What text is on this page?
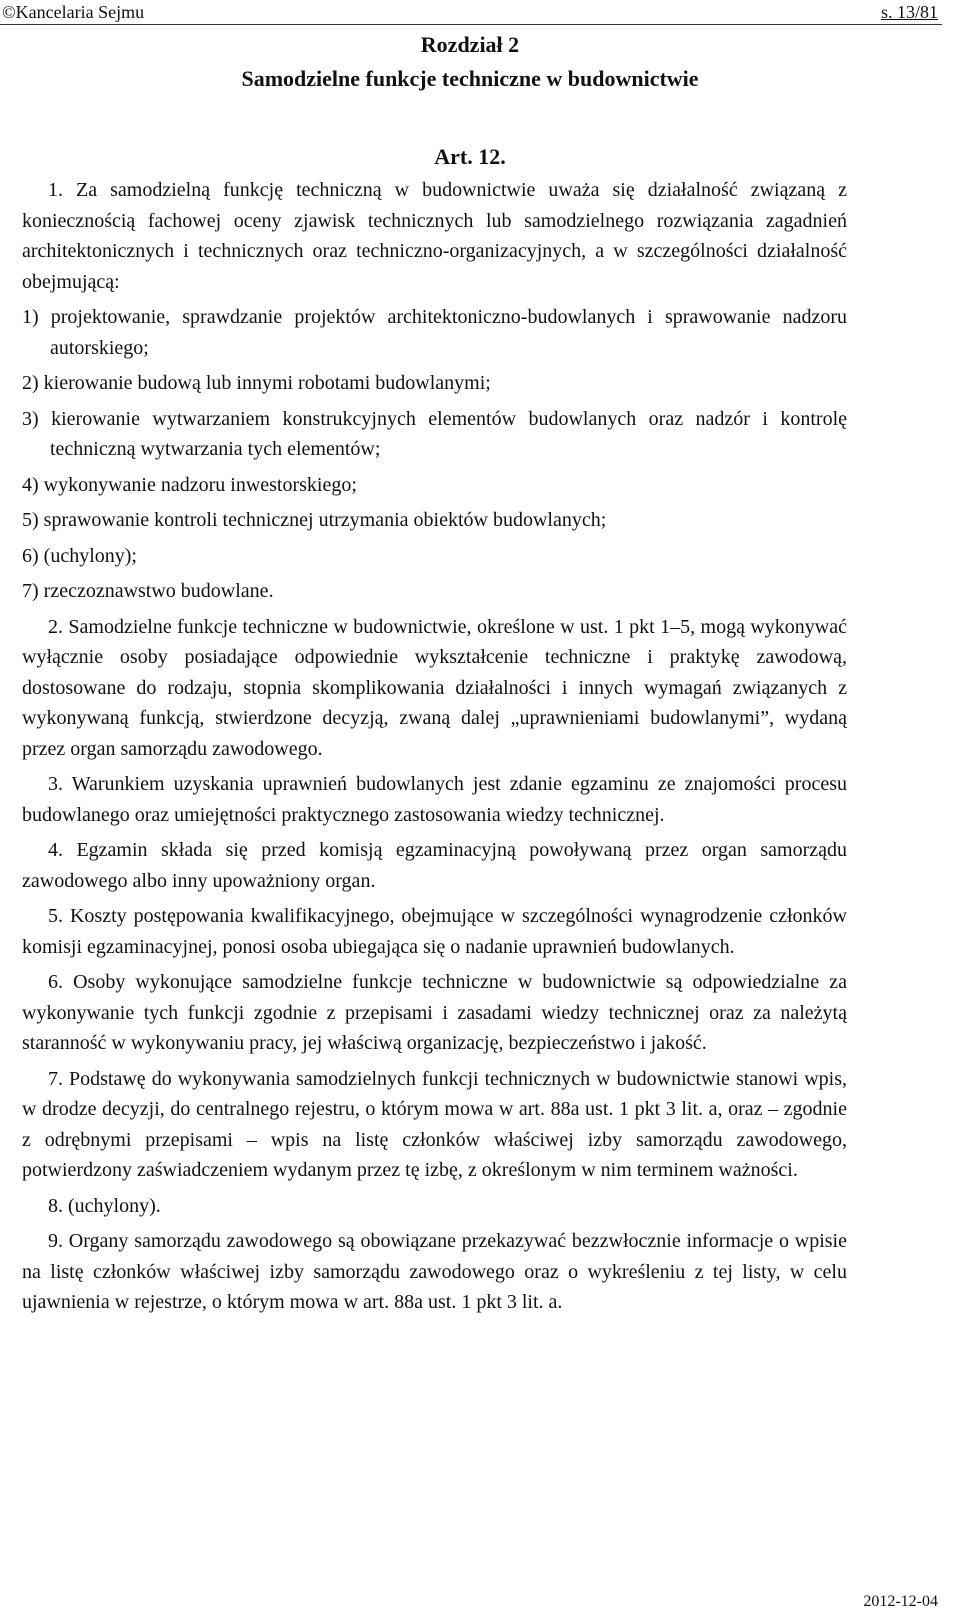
©Kancelaria Sejmu	s. 13/81
Rozdział 2
Samodzielne funkcje techniczne w budownictwie
Art. 12.

1. Za samodzielną funkcję techniczną w budownictwie uważa się działalność związaną z koniecznością fachowej oceny zjawisk technicznych lub samodzielnego rozwiązania zagadnień architektonicznych i technicznych oraz techniczno-organizacyjnych, a w szczególności działalność obejmującą:

1) projektowanie, sprawdzanie projektów architektoniczno-budowlanych i sprawowanie nadzoru autorskiego;
2) kierowanie budową lub innymi robotami budowlanymi;
3) kierowanie wytwarzaniem konstrukcyjnych elementów budowlanych oraz nadzór i kontrolę techniczną wytwarzania tych elementów;
4) wykonywanie nadzoru inwestorskiego;
5) sprawowanie kontroli technicznej utrzymania obiektów budowlanych;
6) (uchylony);
7) rzeczoznawstwo budowlane.

2. Samodzielne funkcje techniczne w budownictwie, określone w ust. 1 pkt 1–5, mogą wykonywać wyłącznie osoby posiadające odpowiednie wykształcenie techniczne i praktykę zawodową, dostosowane do rodzaju, stopnia skomplikowania działalności i innych wymagań związanych z wykonywaną funkcją, stwierdzone decyzją, zwaną dalej „uprawnieniami budowlanymi”, wydaną przez organ samorządu zawodowego.

3. Warunkiem uzyskania uprawnień budowlanych jest zdanie egzaminu ze znajomości procesu budowlanego oraz umiejętności praktycznego zastosowania wiedzy technicznej.

4. Egzamin składa się przed komisją egzaminacyjną powoływaną przez organ samorządu zawodowego albo inny upoważniony organ.

5. Koszty postępowania kwalifikacyjnego, obejmujące w szczególności wynagrodzenie członków komisji egzaminacyjnej, ponosi osoba ubiegająca się o nadanie uprawnień budowlanych.

6. Osoby wykonujące samodzielne funkcje techniczne w budownictwie są odpowiedzialne za wykonywanie tych funkcji zgodnie z przepisami i zasadami wiedzy technicznej oraz za należytą staranność w wykonywaniu pracy, jej właściwą organizację, bezpieczeństwo i jakość.

7. Podstawę do wykonywania samodzielnych funkcji technicznych w budownictwie stanowi wpis, w drodze decyzji, do centralnego rejestru, o którym mowa w art. 88a ust. 1 pkt 3 lit. a, oraz – zgodnie z odrębnymi przepisami – wpis na listę członków właściwej izby samorządu zawodowego, potwierdzony zaświadczeniem wydanym przez tę izbę, z określonym w nim terminem ważności.

8. (uchylony).

9. Organy samorządu zawodowego są obowiązane przekazywać bezzwłocznie informacje o wpisie na listę członków właściwej izby samorządu zawodowego oraz o wykreśleniu z tej listy, w celu ujawnienia w rejestrze, o którym mowa w art. 88a ust. 1 pkt 3 lit. a.

2012-12-04
